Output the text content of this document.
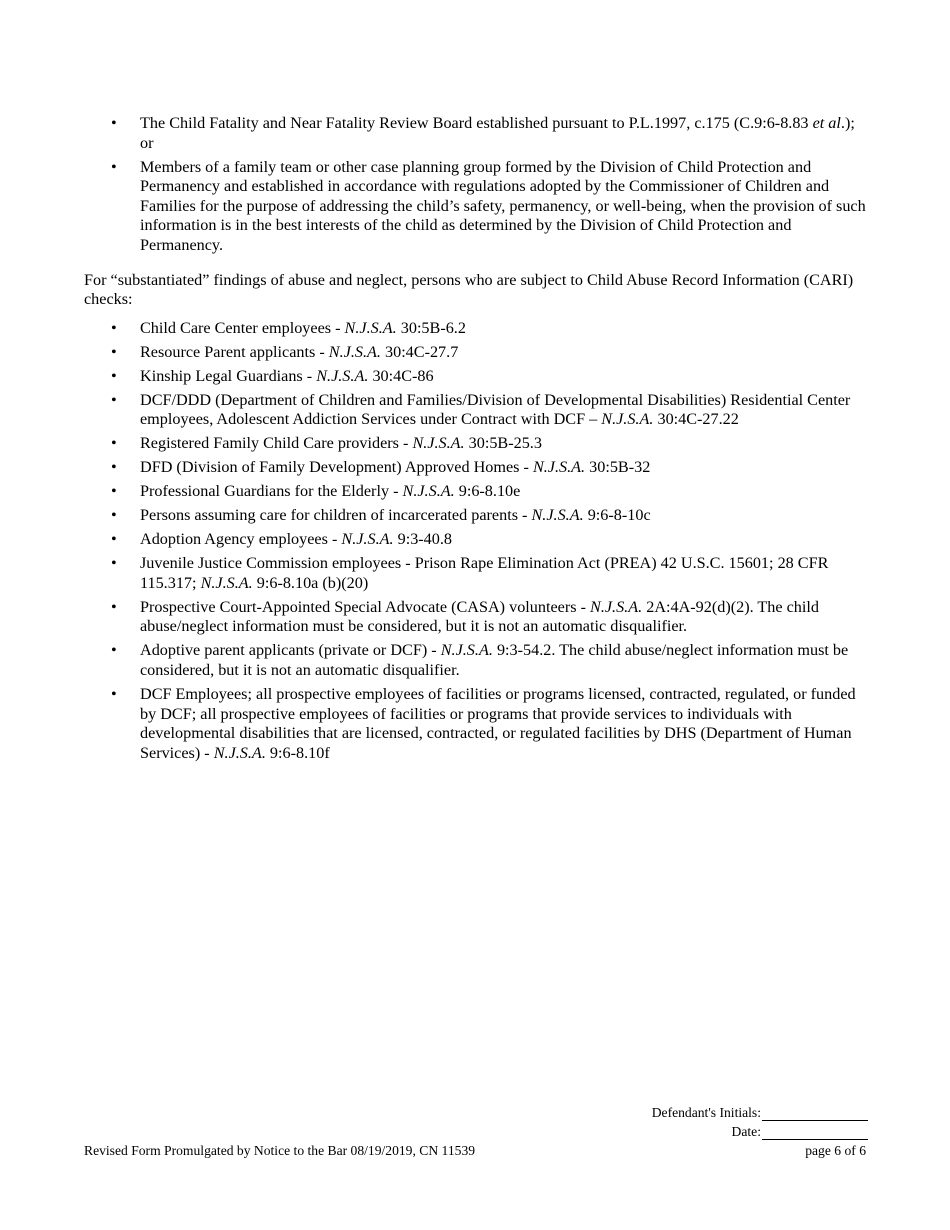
• The Child Fatality and Near Fatality Review Board established pursuant to P.L.1997, c.175 (C.9:6-8.83 et al.); or
• Members of a family team or other case planning group formed by the Division of Child Protection and Permanency and established in accordance with regulations adopted by the Commissioner of Children and Families for the purpose of addressing the child’s safety, permanency, or well-being, when the provision of such information is in the best interests of the child as determined by the Division of Child Protection and Permanency.

For “substantiated” findings of abuse and neglect, persons who are subject to Child Abuse Record Information (CARI) checks:

• Child Care Center employees - N.J.S.A. 30:5B-6.2
• Resource Parent applicants - N.J.S.A. 30:4C-27.7
• Kinship Legal Guardians - N.J.S.A. 30:4C-86
• DCF/DDD (Department of Children and Families/Division of Developmental Disabilities) Residential Center employees, Adolescent Addiction Services under Contract with DCF – N.J.S.A. 30:4C-27.22
• Registered Family Child Care providers - N.J.S.A. 30:5B-25.3
• DFD (Division of Family Development) Approved Homes - N.J.S.A. 30:5B-32
• Professional Guardians for the Elderly - N.J.S.A. 9:6-8.10e
• Persons assuming care for children of incarcerated parents - N.J.S.A. 9:6-8-10c
• Adoption Agency employees - N.J.S.A. 9:3-40.8
• Juvenile Justice Commission employees - Prison Rape Elimination Act (PREA) 42 U.S.C. 15601; 28 CFR 115.317; N.J.S.A. 9:6-8.10a (b)(20)
• Prospective Court-Appointed Special Advocate (CASA) volunteers - N.J.S.A. 2A:4A-92(d)(2). The child abuse/neglect information must be considered, but it is not an automatic disqualifier.
• Adoptive parent applicants (private or DCF) - N.J.S.A. 9:3-54.2. The child abuse/neglect information must be considered, but it is not an automatic disqualifier.
• DCF Employees; all prospective employees of facilities or programs licensed, contracted, regulated, or funded by DCF; all prospective employees of facilities or programs that provide services to individuals with developmental disabilities that are licensed, contracted, or regulated facilities by DHS (Department of Human Services) - N.J.S.A. 9:6-8.10f
Defendant's Initials:
Date:
Revised Form Promulgated by Notice to the Bar 08/19/2019, CN 11539	page 6 of 6
